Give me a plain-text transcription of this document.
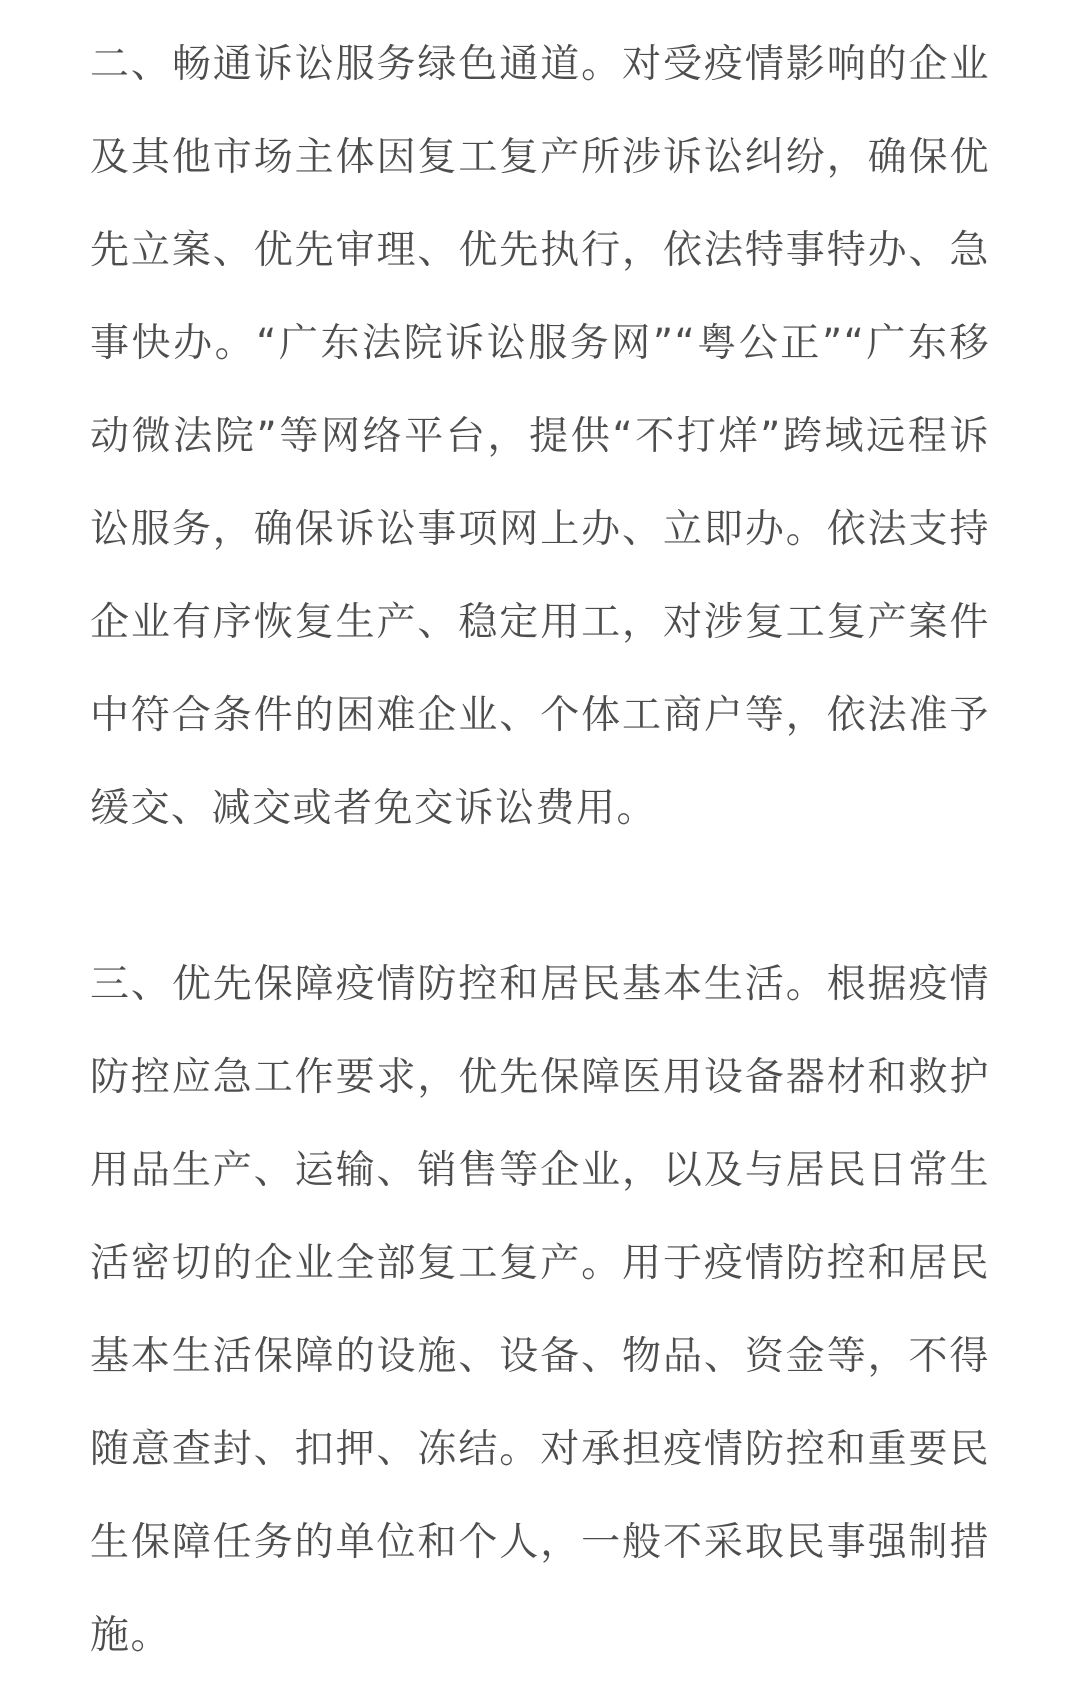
二、畅通诉讼服务绿色通道。对受疫情影响的企业及其他市场主体因复工复产所涉诉讼纠纷，确保优先立案、优先审理、优先执行，依法特事特办、急事快办。“广东法院诉讼服务网”“粤公正”“广东移动微法院”等网络平台，提供“不打烊”跨域远程诉讼服务，确保诉讼事项网上办、立即办。依法支持企业有序恢复生产、稳定用工，对涉复工复产案件中符合条件的困难企业、个体工商户等，依法准予缓交、减交或者免交诉讼费用。

三、优先保障疫情防控和居民基本生活。根据疫情防控应急工作要求，优先保障医用设备器材和救护用品生产、运输、销售等企业，以及与居民日常生活密切的企业全部复工复产。用于疫情防控和居民基本生活保障的设施、设备、物品、资金等，不得随意查封、扣押、冻结。对承担疫情防控和重要民生保障任务的单位和个人，一般不采取民事强制措施。
